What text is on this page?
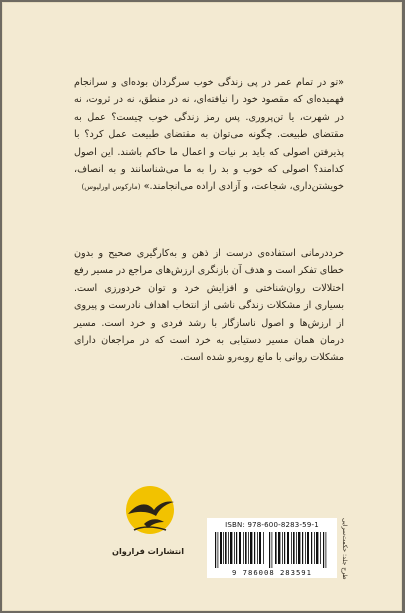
«تو در تمام عمر در پی زندگی خوب سرگردان بوده‌ای و سرانجام فهمیده‌ای که مقصود خود را نیافته‌ای، نه در منطق، نه در ثروت، نه در شهرت، یا تن‌پروری. پس رمز زندگی خوب چیست؟ عمل به مقتضای طبیعت. چگونه می‌توان به مقتضای طبیعت عمل کرد؟ با پذیرفتن اصولی که باید بر نیات و اعمال ما حاکم باشند. این اصول کدامند؟ اصولی که خوب و بد را به ما می‌شناسانند و به انصاف، خویشتن‌داری، شجاعت، و آزادی اراده می‌انجامند.» (مارکوس اورلیوس)

خرددرمانی استفاده‌ی درست از ذهن و به‌کارگیری صحیح و بدون خطای تفکر است و هدف آن بازنگری ارزش‌های مراجع در مسیر رفع اختلالات روان‌شناختی و افزایش خرد و توان خردورزی است. بسیاری از مشکلات زندگی ناشی از انتخاب اهداف نادرست و پیروی از ارزش‌ها و اصول ناسازگار با رشد فردی و خرد است. مسیر درمان همان مسیر دستیابی به خرد است که در مراجعان دارای مشکلات روانی با مانع روبه‌رو شده است.

انتشارات فراروان
ISBN: 978-600-8283-59-1
9 786008 283591	طرح جلد: حکمت‌سرایی
